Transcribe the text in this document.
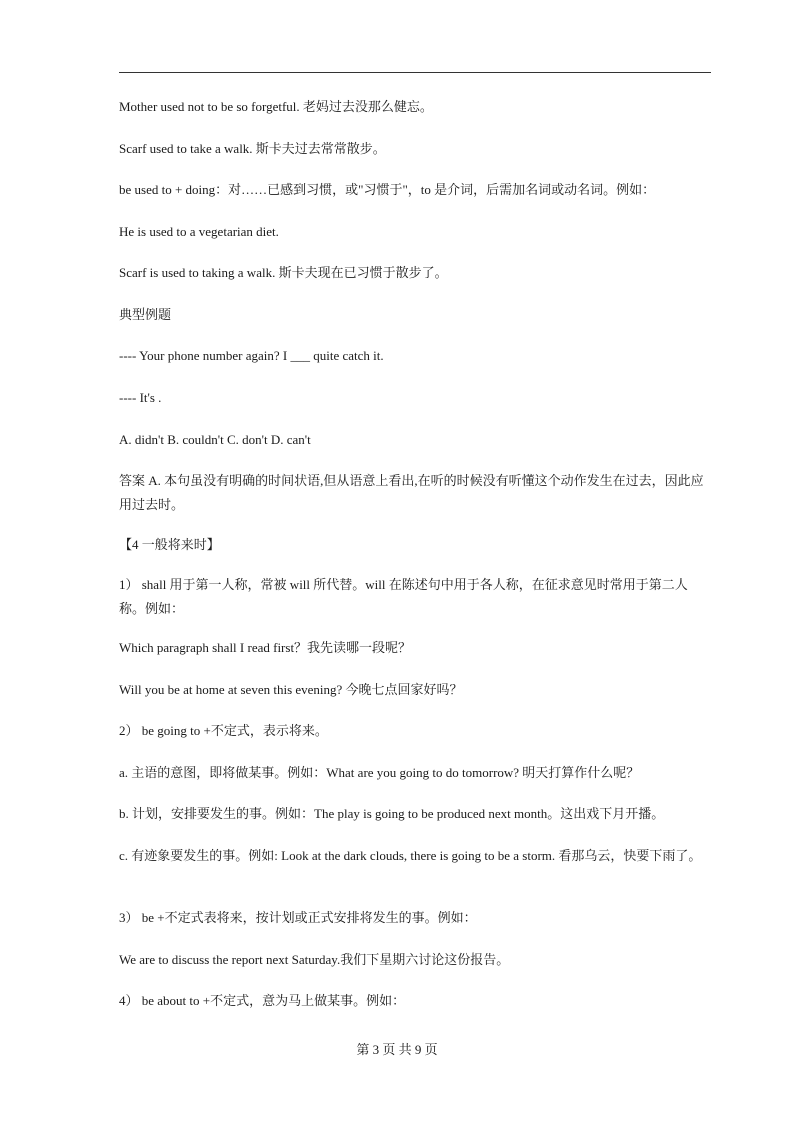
Mother used not to be so forgetful. 老妈过去没那么健忘。

Scarf used to take a walk. 斯卡夫过去常常散步。

be used to + doing：对……已感到习惯，或"习惯于"，to 是介词，后需加名词或动名词。例如：

He is used to a vegetarian diet.

Scarf is used to taking a walk. 斯卡夫现在已习惯于散步了。

典型例题

---- Your phone number again? I ___ quite catch it.

---- It's .

A. didn't B. couldn't C. don't D. can't

答案 A. 本句虽没有明确的时间状语,但从语意上看出,在听的时候没有听懂这个动作发生在过去，因此应用过去时。

【4 一般将来时】

1） shall 用于第一人称，常被 will 所代替。will 在陈述句中用于各人称，在征求意见时常用于第二人称。例如：

Which paragraph shall I read first？我先读哪一段呢？

Will you be at home at seven this evening? 今晚七点回家好吗？

2） be going to +不定式，表示将来。

a. 主语的意图，即将做某事。例如：What are you going to do tomorrow? 明天打算作什么呢？

b. 计划，安排要发生的事。例如：The play is going to be produced next month。这出戏下月开播。

c. 有迹象要发生的事。例如: Look at the dark clouds, there is going to be a storm. 看那乌云，快要下雨了。

3） be +不定式表将来，按计划或正式安排将发生的事。例如：

We are to discuss the report next Saturday.我们下星期六讨论这份报告。

4） be about to +不定式，意为马上做某事。例如：

第 3 页 共 9 页
